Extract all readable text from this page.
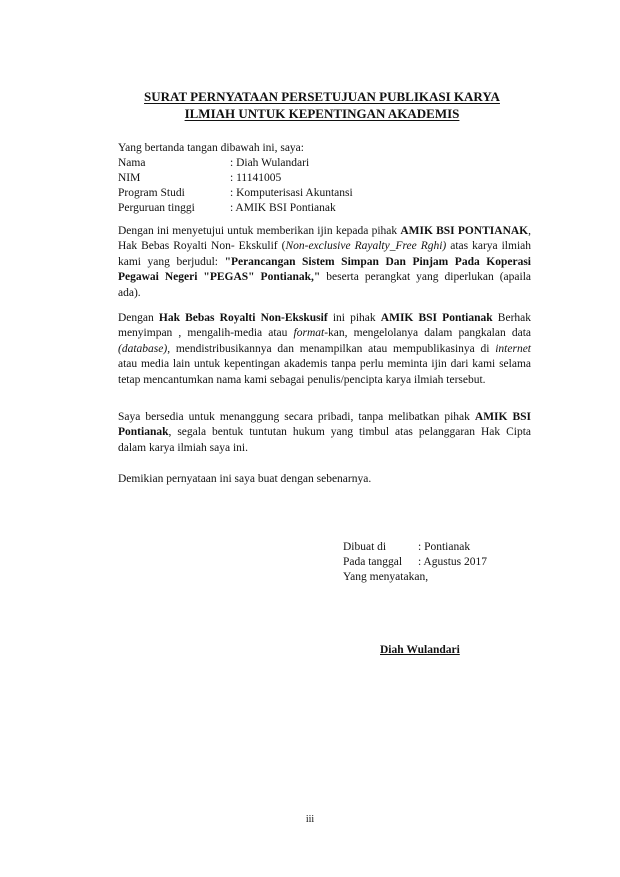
SURAT PERNYATAAN PERSETUJUAN PUBLIKASI KARYA
ILMIAH UNTUK KEPENTINGAN AKADEMIS
Yang bertanda tangan dibawah ini, saya:
Nama	: Diah Wulandari
NIM	: 11141005
Program Studi	: Komputerisasi Akuntansi
Perguruan tinggi	: AMIK BSI Pontianak

Dengan ini menyetujui untuk memberikan ijin kepada pihak AMIK BSI PONTIANAK, Hak Bebas Royalti Non- Ekskulif (Non-exclusive Rayalty_Free Rghi) atas karya ilmiah kami yang berjudul: "Perancangan Sistem Simpan Dan Pinjam Pada Koperasi Pegawai Negeri "PEGAS" Pontianak," beserta perangkat yang diperlukan (apaila ada).

Dengan Hak Bebas Royalti Non-Ekskusif ini pihak AMIK BSI Pontianak Berhak menyimpan , mengalih-media atau format-kan, mengelolanya dalam pangkalan data (database), mendistribusikannya dan menampilkan atau mempublikasinya di internet atau media lain untuk kepentingan akademis tanpa perlu meminta ijin dari kami selama tetap mencantumkan nama kami sebagai penulis/pencipta karya ilmiah tersebut.

Saya bersedia untuk menanggung secara pribadi, tanpa melibatkan pihak AMIK BSI Pontianak, segala bentuk tuntutan hukum yang timbul atas pelanggaran Hak Cipta dalam karya ilmiah saya ini.

Demikian pernyataan ini saya buat dengan sebenarnya.

Dibuat di	: Pontianak
Pada tanggal	: Agustus 2017
Yang menyatakan,	
Diah Wulandari
iii
